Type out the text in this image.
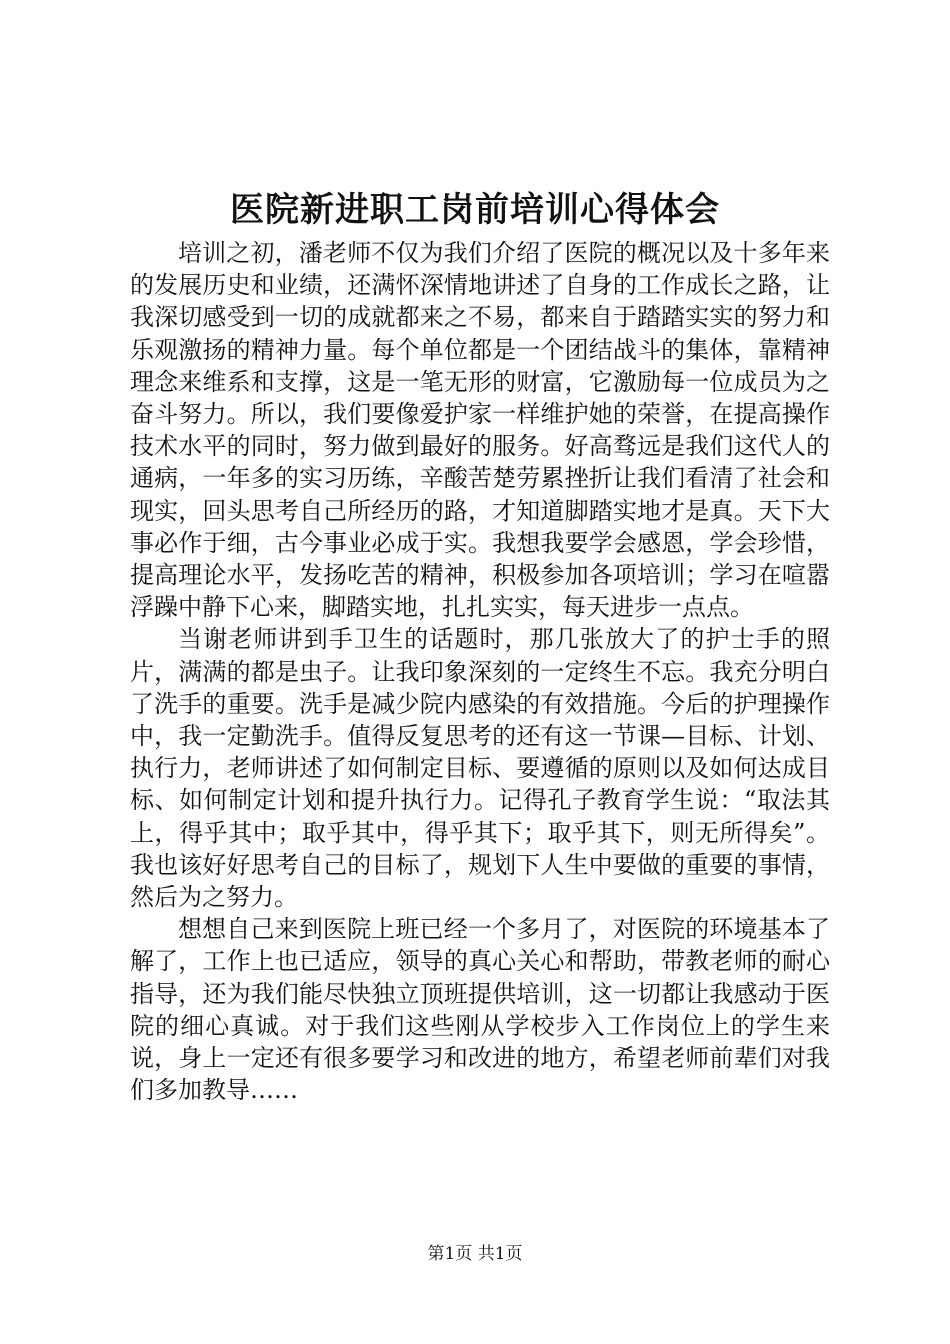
医院新进职工岗前培训心得体会

培训之初，潘老师不仅为我们介绍了医院的概况以及十多年来的发展历史和业绩，还满怀深情地讲述了自身的工作成长之路，让我深切感受到一切的成就都来之不易，都来自于踏踏实实的努力和乐观激扬的精神力量。每个单位都是一个团结战斗的集体，靠精神理念来维系和支撑，这是一笔无形的财富，它激励每一位成员为之奋斗努力。所以，我们要像爱护家一样维护她的荣誉，在提高操作技术水平的同时，努力做到最好的服务。好高骛远是我们这代人的通病，一年多的实习历练，辛酸苦楚劳累挫折让我们看清了社会和现实，回头思考自己所经历的路，才知道脚踏实地才是真。天下大事必作于细，古今事业必成于实。我想我要学会感恩，学会珍惜，提高理论水平，发扬吃苦的精神，积极参加各项培训；学习在喧嚣浮躁中静下心来，脚踏实地，扎扎实实，每天进步一点点。

当谢老师讲到手卫生的话题时，那几张放大了的护士手的照片，满满的都是虫子。让我印象深刻的一定终生不忘。我充分明白了洗手的重要。洗手是减少院内感染的有效措施。今后的护理操作中，我一定勤洗手。值得反复思考的还有这一节课—目标、计划、执行力，老师讲述了如何制定目标、要遵循的原则以及如何达成目标、如何制定计划和提升执行力。记得孔子教育学生说：“取法其上，得乎其中；取乎其中，得乎其下；取乎其下，则无所得矣”。我也该好好思考自己的目标了，规划下人生中要做的重要的事情，然后为之努力。

想想自己来到医院上班已经一个多月了，对医院的环境基本了解了，工作上也已适应，领导的真心关心和帮助，带教老师的耐心指导，还为我们能尽快独立顶班提供培训，这一切都让我感动于医院的细心真诚。对于我们这些刚从学校步入工作岗位上的学生来说，身上一定还有很多要学习和改进的地方，希望老师前辈们对我们多加教导……

第1页 共1页
